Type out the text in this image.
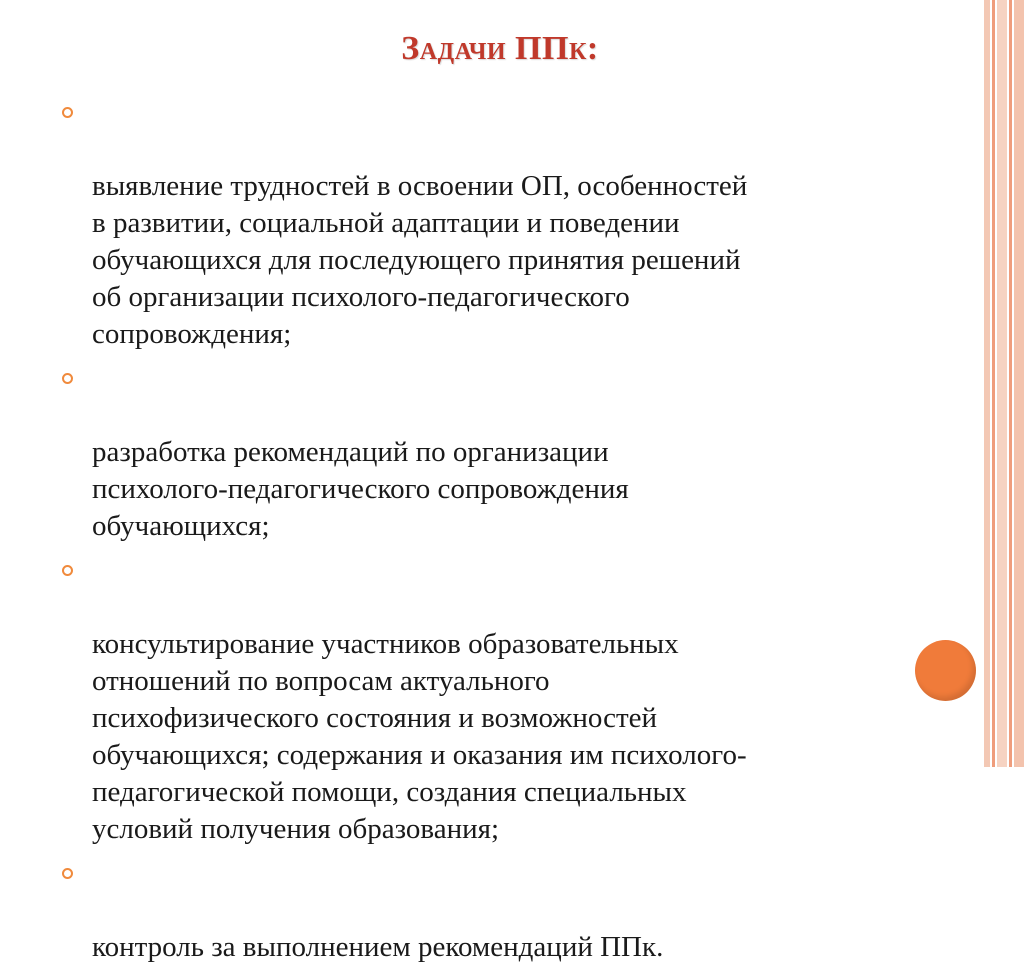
Задачи ППк:

выявление трудностей в освоении ОП, особенностей
в развитии, социальной адаптации и поведении
обучающихся для последующего принятия решений
об организации психолого-педагогического
сопровождения;

разработка рекомендаций по организации
психолого-педагогического сопровождения
обучающихся;

консультирование участников образовательных
отношений по вопросам актуального
психофизического состояния и возможностей
обучающихся; содержания и оказания им психолого-
педагогической помощи, создания специальных
условий получения образования;

контроль за выполнением рекомендаций ППк.
